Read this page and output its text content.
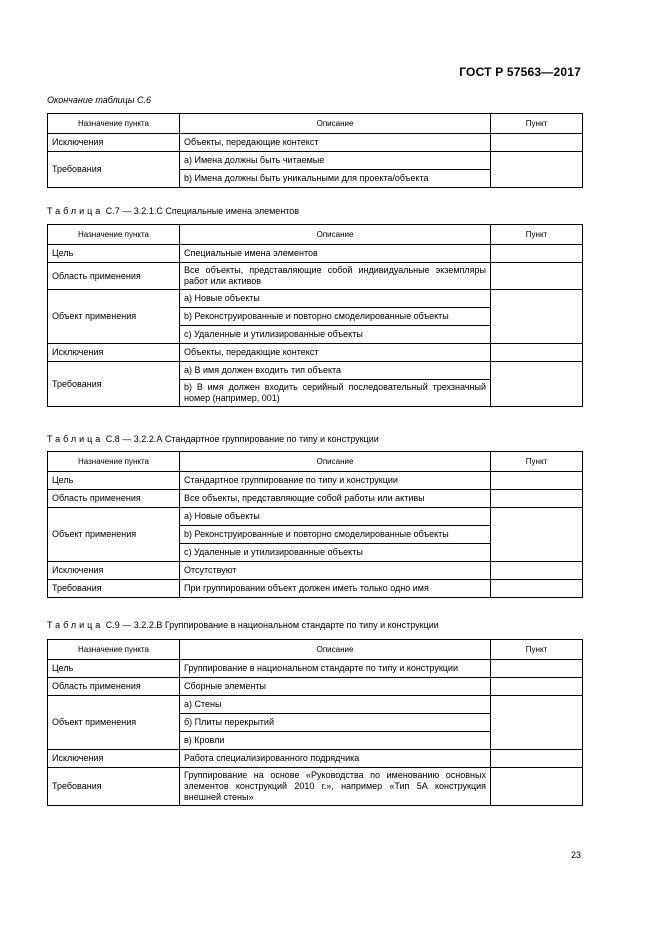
ГОСТ Р 57563—2017
Окончание таблицы С.6
Назначение пункта	Описание	Пункт
Исключения	Объекты, передающие контекст	
Требования	а) Имена должны быть читаемые	
	b) Имена должны быть уникальными для проекта/объекта	
Таблица С.7 — 3.2.1.С Специальные имена элементов
Назначение пункта	Описание	Пункт
Цель	Специальные имена элементов	
Область применения	Все объекты, представляющие собой индивидуальные экземпляры работ или активов	
Объект применения	а) Новые объекты	
	b) Реконструированные и повторно смоделированные объекты	
	с) Удаленные и утилизированные объекты	
Исключения	Объекты, передающие контекст	
Требования	а) В имя должен входить тип объекта	
	b) В имя должен входить серийный последовательный трехзначный номер (например, 001)	
Таблица С.8 — 3.2.2.А Стандартное группирование по типу и конструкции
Назначение пункта	Описание	Пункт
Цель	Стандартное группирование по типу и конструкции	
Область применения	Все объекты, представляющие собой работы или активы	
Объект применения	а) Новые объекты	
	b) Реконструированные и повторно смоделированные объекты	
	с) Удаленные и утилизированные объекты	
Исключения	Отсутствуют	
Требования	При группировании объект должен иметь только одно имя	
Таблица С.9 — 3.2.2.В Группирование в национальном стандарте по типу и конструкции
Назначение пункта	Описание	Пункт
Цель	Группирование в национальном стандарте по типу и конструкции	
Область применения	Сборные элементы	
Объект применения	а) Стены	
	б) Плиты перекрытий	
	в) Кровли	
Исключения	Работа специализированного подрядчика	
Требования	Группирование на основе «Руководства по именованию основных элементов конструкций 2010 г.», например «Тип 5А конструкция внешней стены»	
23
